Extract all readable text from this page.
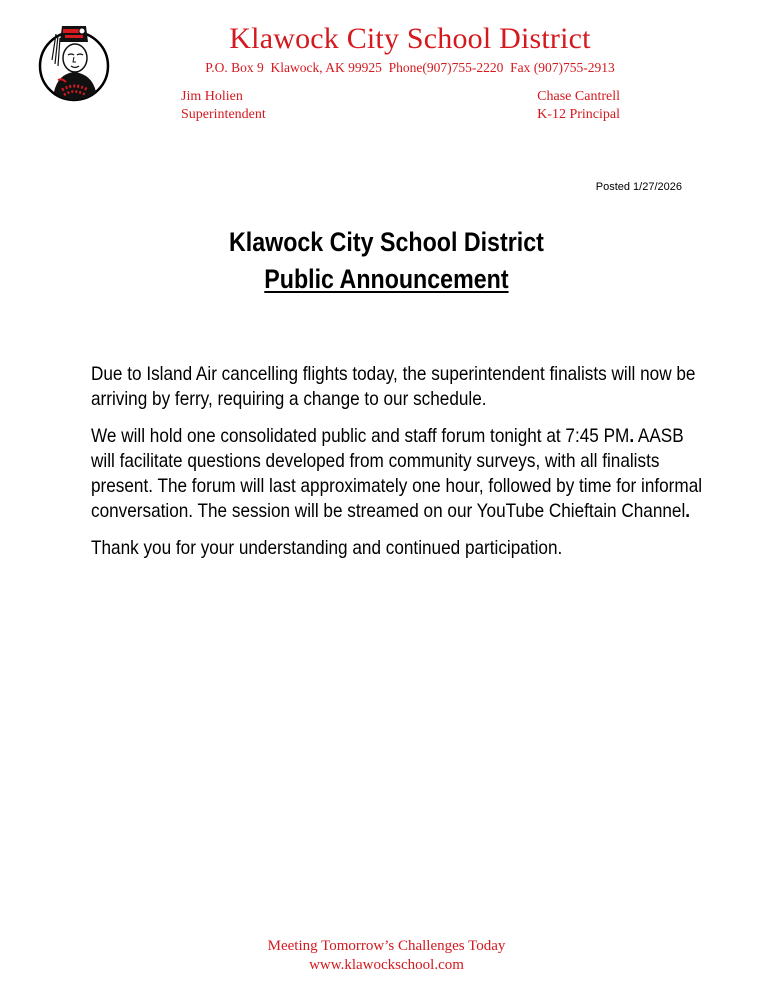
Klawock City School District
P.O. Box 9  Klawock, AK 99925  Phone(907)755-2220  Fax (907)755-2913
Jim Holien
Superintendent
Chase Cantrell
K-12 Principal
Posted 1/27/2026
Klawock City School District
Public Announcement

Due to Island Air cancelling flights today, the superintendent finalists will now be arriving by ferry, requiring a change to our schedule.

We will hold one consolidated public and staff forum tonight at 7:45 PM. AASB will facilitate questions developed from community surveys, with all finalists present. The forum will last approximately one hour, followed by time for informal conversation. The session will be streamed on our YouTube Chieftain Channel.

Thank you for your understanding and continued participation.

Meeting Tomorrow’s Challenges Today
www.klawockschool.com
